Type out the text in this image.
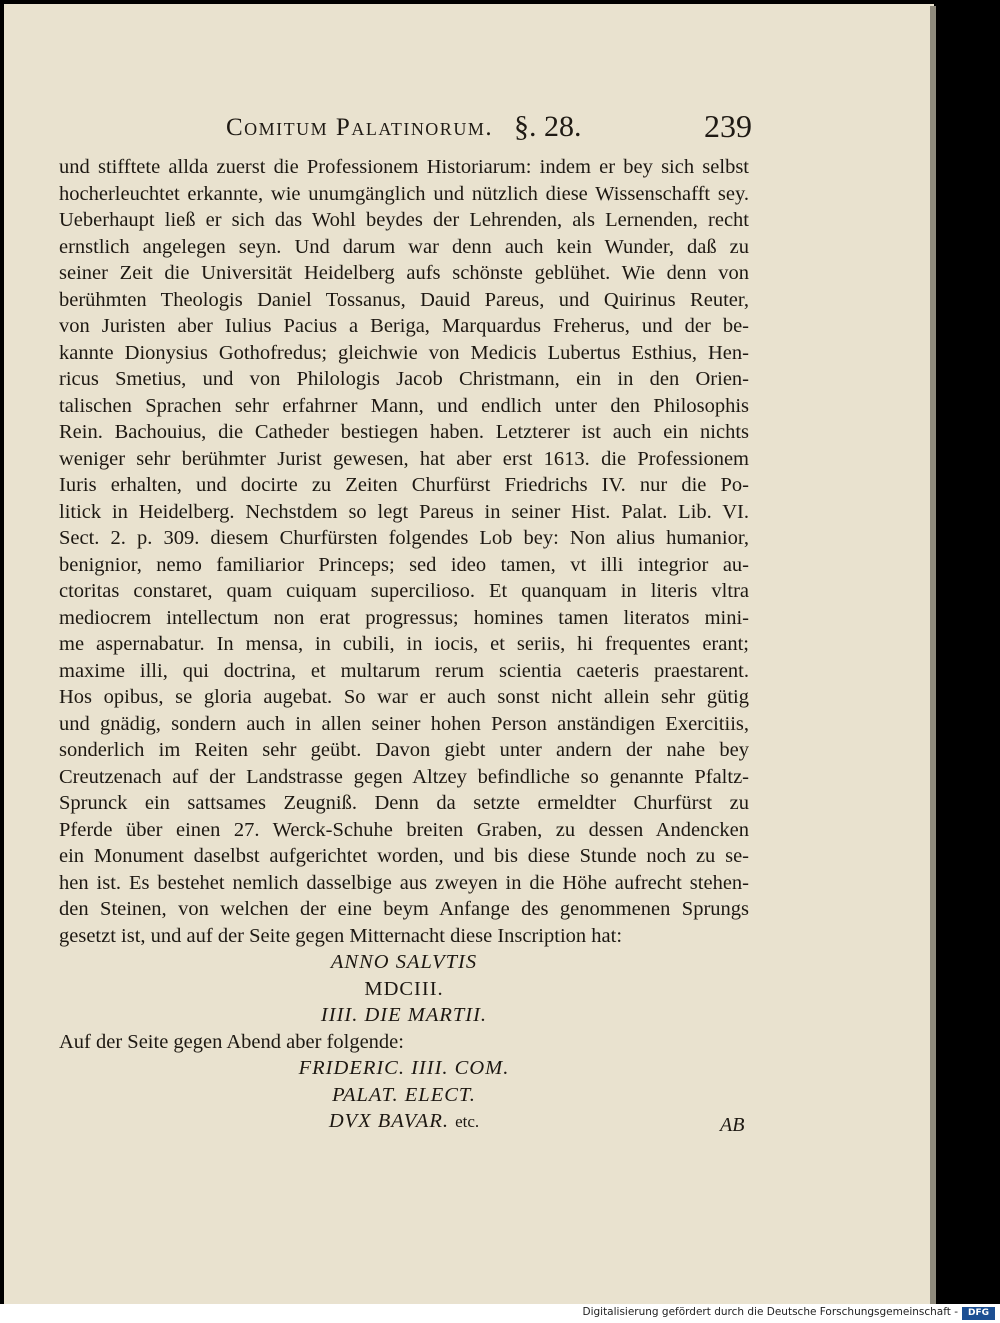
Comitum Palatinorum. §. 28.	239
und stifftete allda zuerst die Professionem Historiarum: indem er bey sich selbst
hocherleuchtet erkannte, wie unumgänglich und nützlich diese Wissenschafft sey.
Ueberhaupt ließ er sich das Wohl beydes der Lehrenden, als Lernenden, recht
ernstlich angelegen seyn. Und darum war denn auch kein Wunder, daß zu
seiner Zeit die Universität Heidelberg aufs schönste geblühet. Wie denn von
berühmten Theologis Daniel Tossanus, Dauid Pareus, und Quirinus Reuter,
von Juristen aber Iulius Pacius a Beriga, Marquardus Freherus, und der be-
kannte Dionysius Gothofredus; gleichwie von Medicis Lubertus Esthius, Hen-
ricus Smetius, und von Philologis Jacob Christmann, ein in den Orien-
talischen Sprachen sehr erfahrner Mann, und endlich unter den Philosophis
Rein. Bachouius, die Catheder bestiegen haben. Letzterer ist auch ein nichts
weniger sehr berühmter Jurist gewesen, hat aber erst 1613. die Professionem
Iuris erhalten, und docirte zu Zeiten Churfürst Friedrichs IV. nur die Po-
litick in Heidelberg. Nechstdem so legt Pareus in seiner Hist. Palat. Lib. VI.
Sect. 2. p. 309. diesem Churfürsten folgendes Lob bey: Non alius humanior,
benignior, nemo familiarior Princeps; sed ideo tamen, vt illi integrior au-
ctoritas constaret, quam cuiquam supercilioso. Et quanquam in literis vltra
mediocrem intellectum non erat progressus; homines tamen literatos mini-
me aspernabatur. In mensa, in cubili, in iocis, et seriis, hi frequentes erant;
maxime illi, qui doctrina, et multarum rerum scientia caeteris praestarent.
Hos opibus, se gloria augebat. So war er auch sonst nicht allein sehr gütig
und gnädig, sondern auch in allen seiner hohen Person anständigen Exercitiis,
sonderlich im Reiten sehr geübt. Davon giebt unter andern der nahe bey
Creutzenach auf der Landstrasse gegen Altzey befindliche so genannte Pfaltz-
Sprunck ein sattsames Zeugniß. Denn da setzte ermeldter Churfürst zu
Pferde über einen 27. Werck-Schuhe breiten Graben, zu dessen Andencken
ein Monument daselbst aufgerichtet worden, und bis diese Stunde noch zu se-
hen ist. Es bestehet nemlich dasselbige aus zweyen in die Höhe aufrecht stehen-
den Steinen, von welchen der eine beym Anfange des genommenen Sprungs
gesetzt ist, und auf der Seite gegen Mitternacht diese Inscription hat:
ANNO SALVTIS
MDCIII.
IIII. DIE MARTII.
Auf der Seite gegen Abend aber folgende:
FRIDERIC. IIII. COM.
PALAT. ELECT.
DVX BAVAR. etc.	AB
Digitalisierung gefördert durch die Deutsche Forschungsgemeinschaft -	DFG
